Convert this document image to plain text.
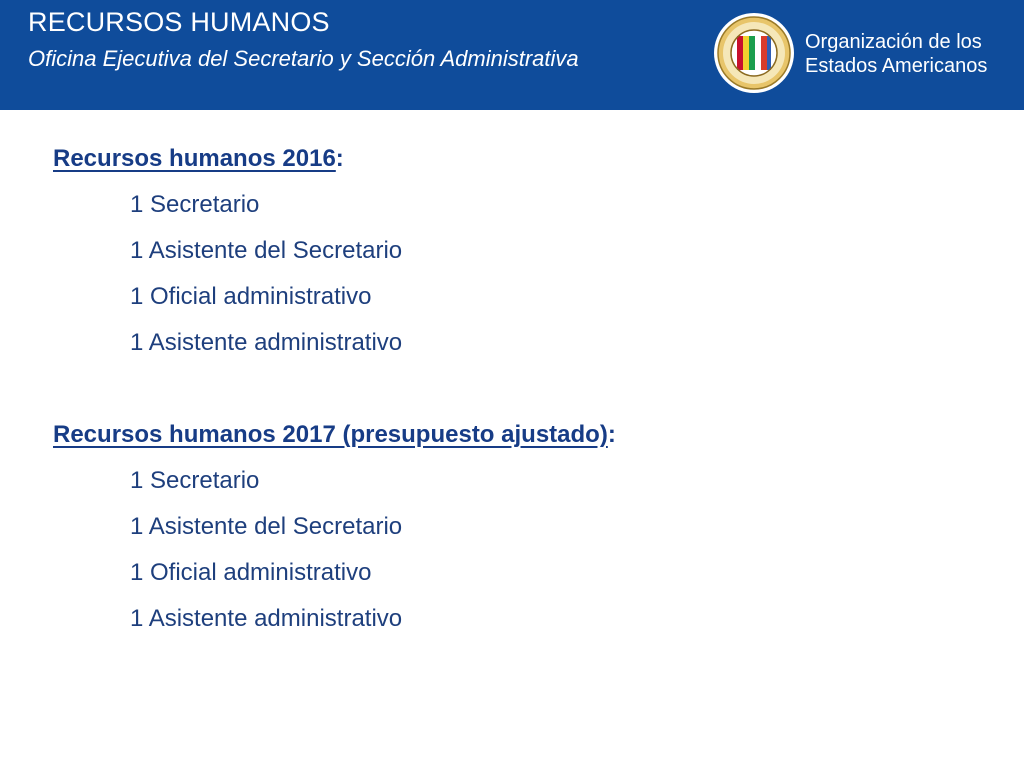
RECURSOS HUMANOS
Oficina Ejecutiva del Secretario y Sección Administrativa
Organización de los
Estados Americanos
Recursos humanos 2016:
1 Secretario
1 Asistente del Secretario
1 Oficial administrativo
1 Asistente administrativo
Recursos humanos 2017 (presupuesto ajustado):
1 Secretario
1 Asistente del Secretario
1 Oficial administrativo
1 Asistente administrativo
